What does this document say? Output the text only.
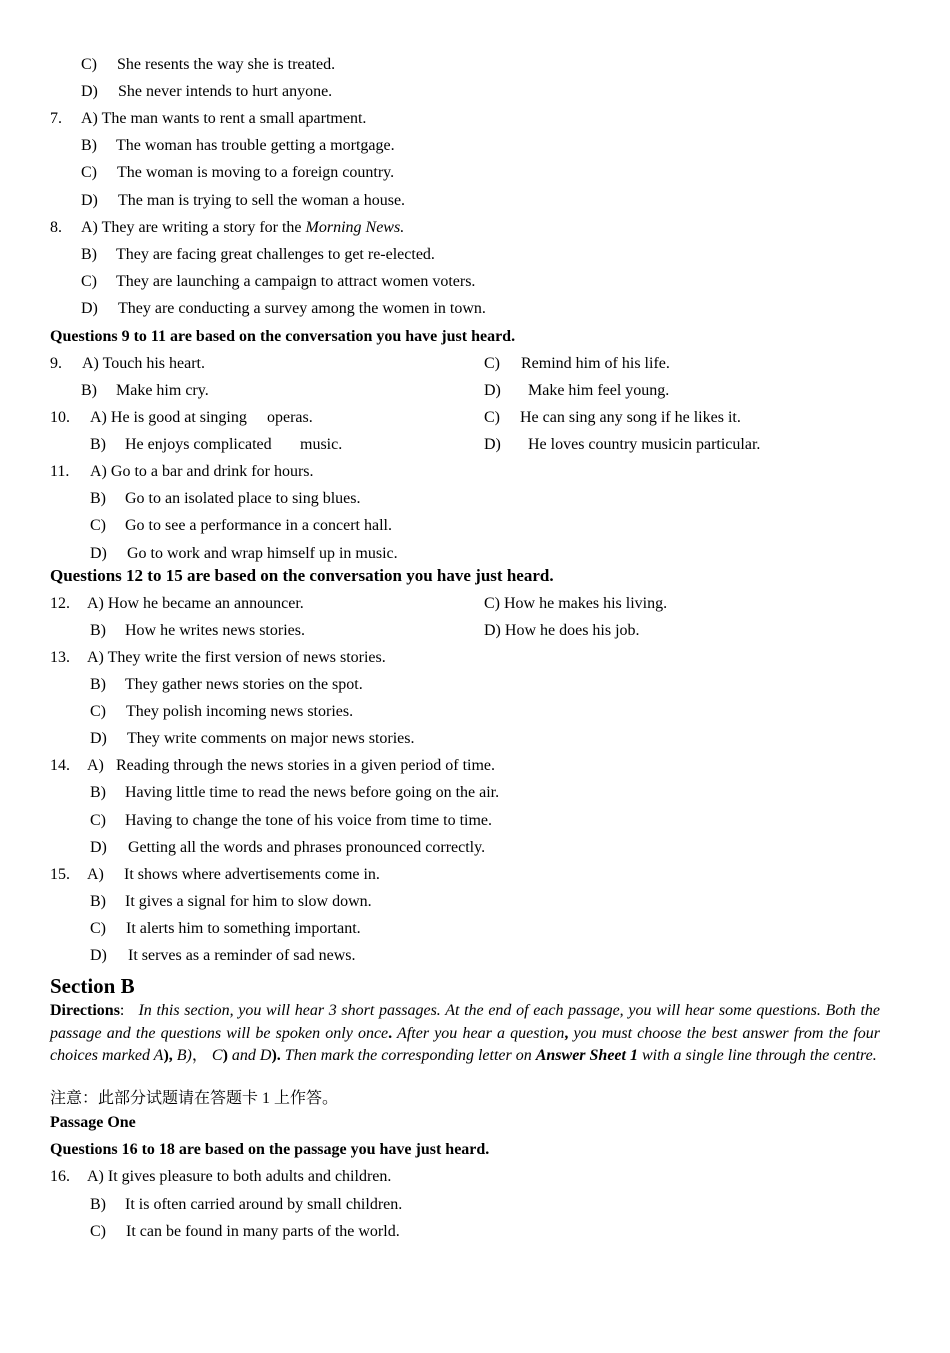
C) She resents the way she is treated.
D) She never intends to hurt anyone.
7. A) The man wants to rent a small apartment.
B) The woman has trouble getting a mortgage.
C) The woman is moving to a foreign country.
D) The man is trying to sell the woman a house.
8. A) They are writing a story for the Morning News.
B) They are facing great challenges to get re-elected.
C) They are launching a campaign to attract women voters.
D) They are conducting a survey among the women in town.
Questions 9 to 11 are based on the conversation you have just heard.
9. A) Touch his heart.	C) Remind him of his life.
B) Make him cry.	D) Make him feel young.
10. A) He is good at singing operas.	C) He can sing any song if he likes it.
B) He enjoys complicated music.	D) He loves country musicin particular.
11. A) Go to a bar and drink for hours.
B) Go to an isolated place to sing blues.
C) Go to see a performance in a concert hall.
D) Go to work and wrap himself up in music.
Questions 12 to 15 are based on the conversation you have just heard.
12. A) How he became an announcer.	C) How he makes his living.
B) How he writes news stories.	D) How he does his job.
13. A) They write the first version of news stories.
B) They gather news stories on the spot.
C) They polish incoming news stories.
D) They write comments on major news stories.
14. A) Reading through the news stories in a given period of time.
B) Having little time to read the news before going on the air.
C) Having to change the tone of his voice from time to time.
D) Getting all the words and phrases pronounced correctly.
15. A) It shows where advertisements come in.
B) It gives a signal for him to slow down.
C) It alerts him to something important.
D) It serves as a reminder of sad news.
Section B
Directions: In this section, you will hear 3 short passages. At the end of each passage, you will hear some questions. Both the passage and the questions will be spoken only once. After you hear a question, you must choose the best answer from the four choices marked A), B)， C) and D). Then mark the corresponding letter on Answer Sheet 1 with a single line through the centre.
注意：此部分试题请在答题卡 1 上作答。
Passage One
Questions 16 to 18 are based on the passage you have just heard.
16. A) It gives pleasure to both adults and children.
B) It is often carried around by small children.
C) It can be found in many parts of the world.
